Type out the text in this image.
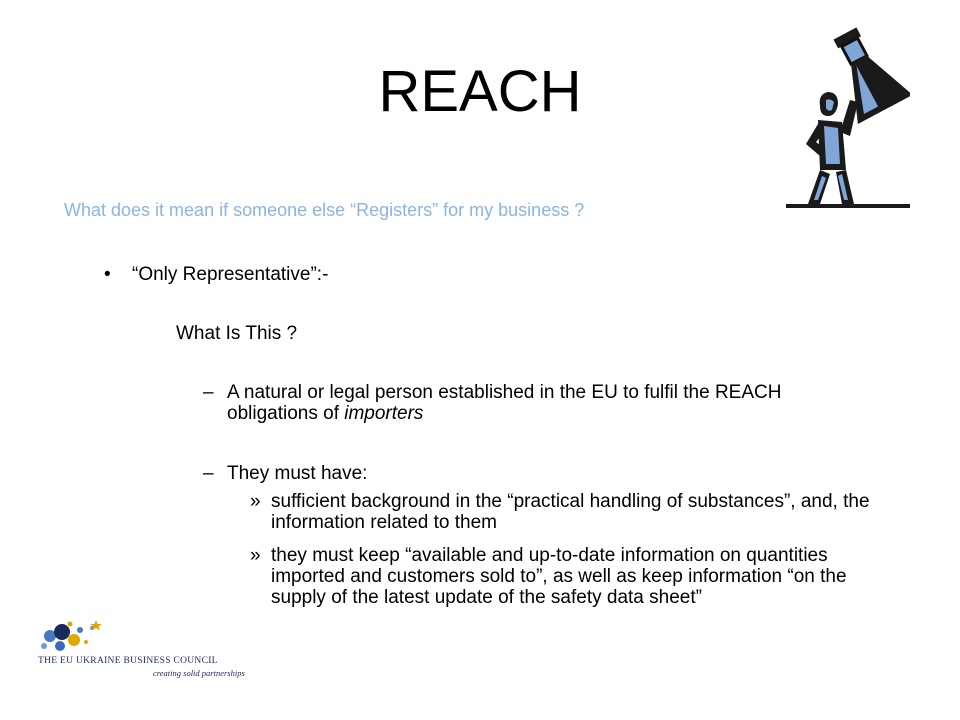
REACH
What does it mean if someone else “Registers” for my business ?
• “Only Representative”:-
What Is This ?
– A natural or legal person established in the EU to fulfil the REACH obligations of importers
– They must have:
» sufficient background in the “practical handling of substances”, and, the information related to them
» they must keep “available and up-to-date information on quantities imported and customers sold to”, as well as keep information “on the supply of the latest update of the safety data sheet”
THE EU UKRAINE BUSINESS COUNCIL
creating solid partnerships
